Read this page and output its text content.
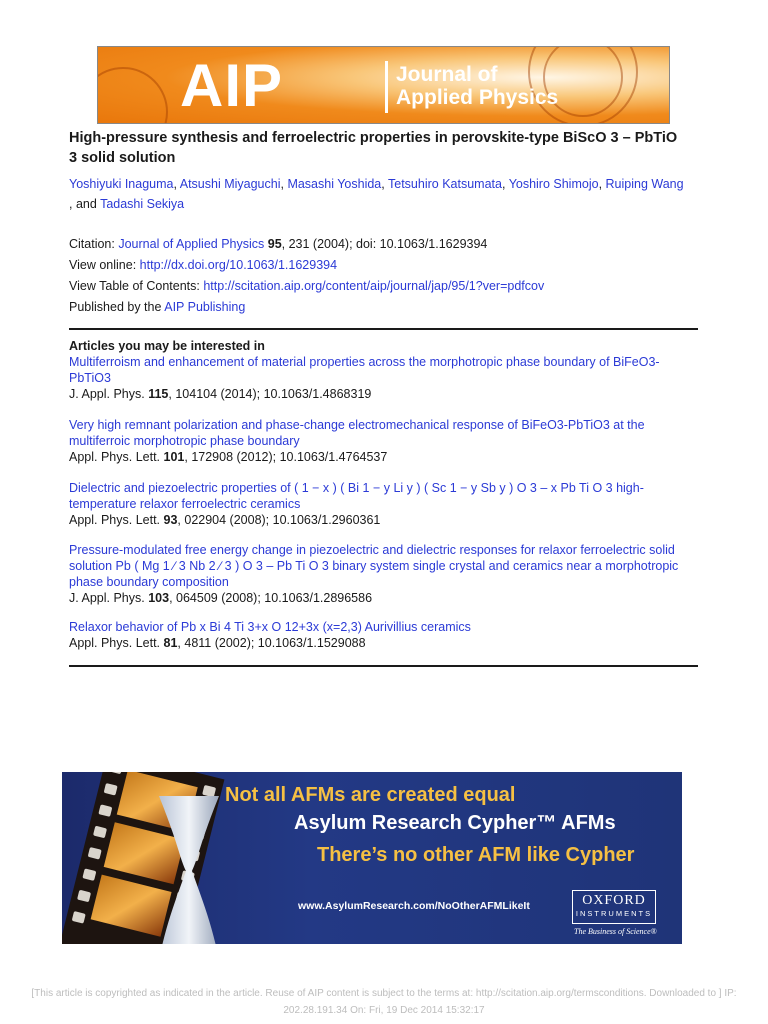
AIP	Journal of
Applied Physics
High-pressure synthesis and ferroelectric properties in perovskite-type BiScO 3 – PbTiO 3 solid solution
Yoshiyuki Inaguma, Atsushi Miyaguchi, Masashi Yoshida, Tetsuhiro Katsumata, Yoshiro Shimojo, Ruiping Wang
, and Tadashi Sekiya
Citation: Journal of Applied Physics 95, 231 (2004); doi: 10.1063/1.1629394
View online: http://dx.doi.org/10.1063/1.1629394
View Table of Contents: http://scitation.aip.org/content/aip/journal/jap/95/1?ver=pdfcov
Published by the AIP Publishing
Articles you may be interested in
Multiferroism and enhancement of material properties across the morphotropic phase boundary of BiFeO3-PbTiO3
J. Appl. Phys. 115, 104104 (2014); 10.1063/1.4868319
Very high remnant polarization and phase-change electromechanical response of BiFeO3-PbTiO3 at the multiferroic morphotropic phase boundary
Appl. Phys. Lett. 101, 172908 (2012); 10.1063/1.4764537
Dielectric and piezoelectric properties of ( 1 − x ) ( Bi 1 − y Li y ) ( Sc 1 − y Sb y ) O 3 – x Pb Ti O 3 high-temperature relaxor ferroelectric ceramics
Appl. Phys. Lett. 93, 022904 (2008); 10.1063/1.2960361
Pressure-modulated free energy change in piezoelectric and dielectric responses for relaxor ferroelectric solid solution Pb ( Mg 1 ∕ 3 Nb 2 ∕ 3 ) O 3 – Pb Ti O 3 binary system single crystal and ceramics near a morphotropic phase boundary composition
J. Appl. Phys. 103, 064509 (2008); 10.1063/1.2896586
Relaxor behavior of Pb x Bi 4 Ti 3+x O 12+3x (x=2,3) Aurivillius ceramics
Appl. Phys. Lett. 81, 4811 (2002); 10.1063/1.1529088
Not all AFMs are created equal
Asylum Research Cypher™ AFMs
There’s no other AFM like Cypher
www.AsylumResearch.com/NoOtherAFMLikeIt	OXFORD
INSTRUMENTS
The Business of Science®
[This article is copyrighted as indicated in the article. Reuse of AIP content is subject to the terms at: http://scitation.aip.org/termsconditions. Downloaded to ] IP:
202.28.191.34 On: Fri, 19 Dec 2014 15:32:17
